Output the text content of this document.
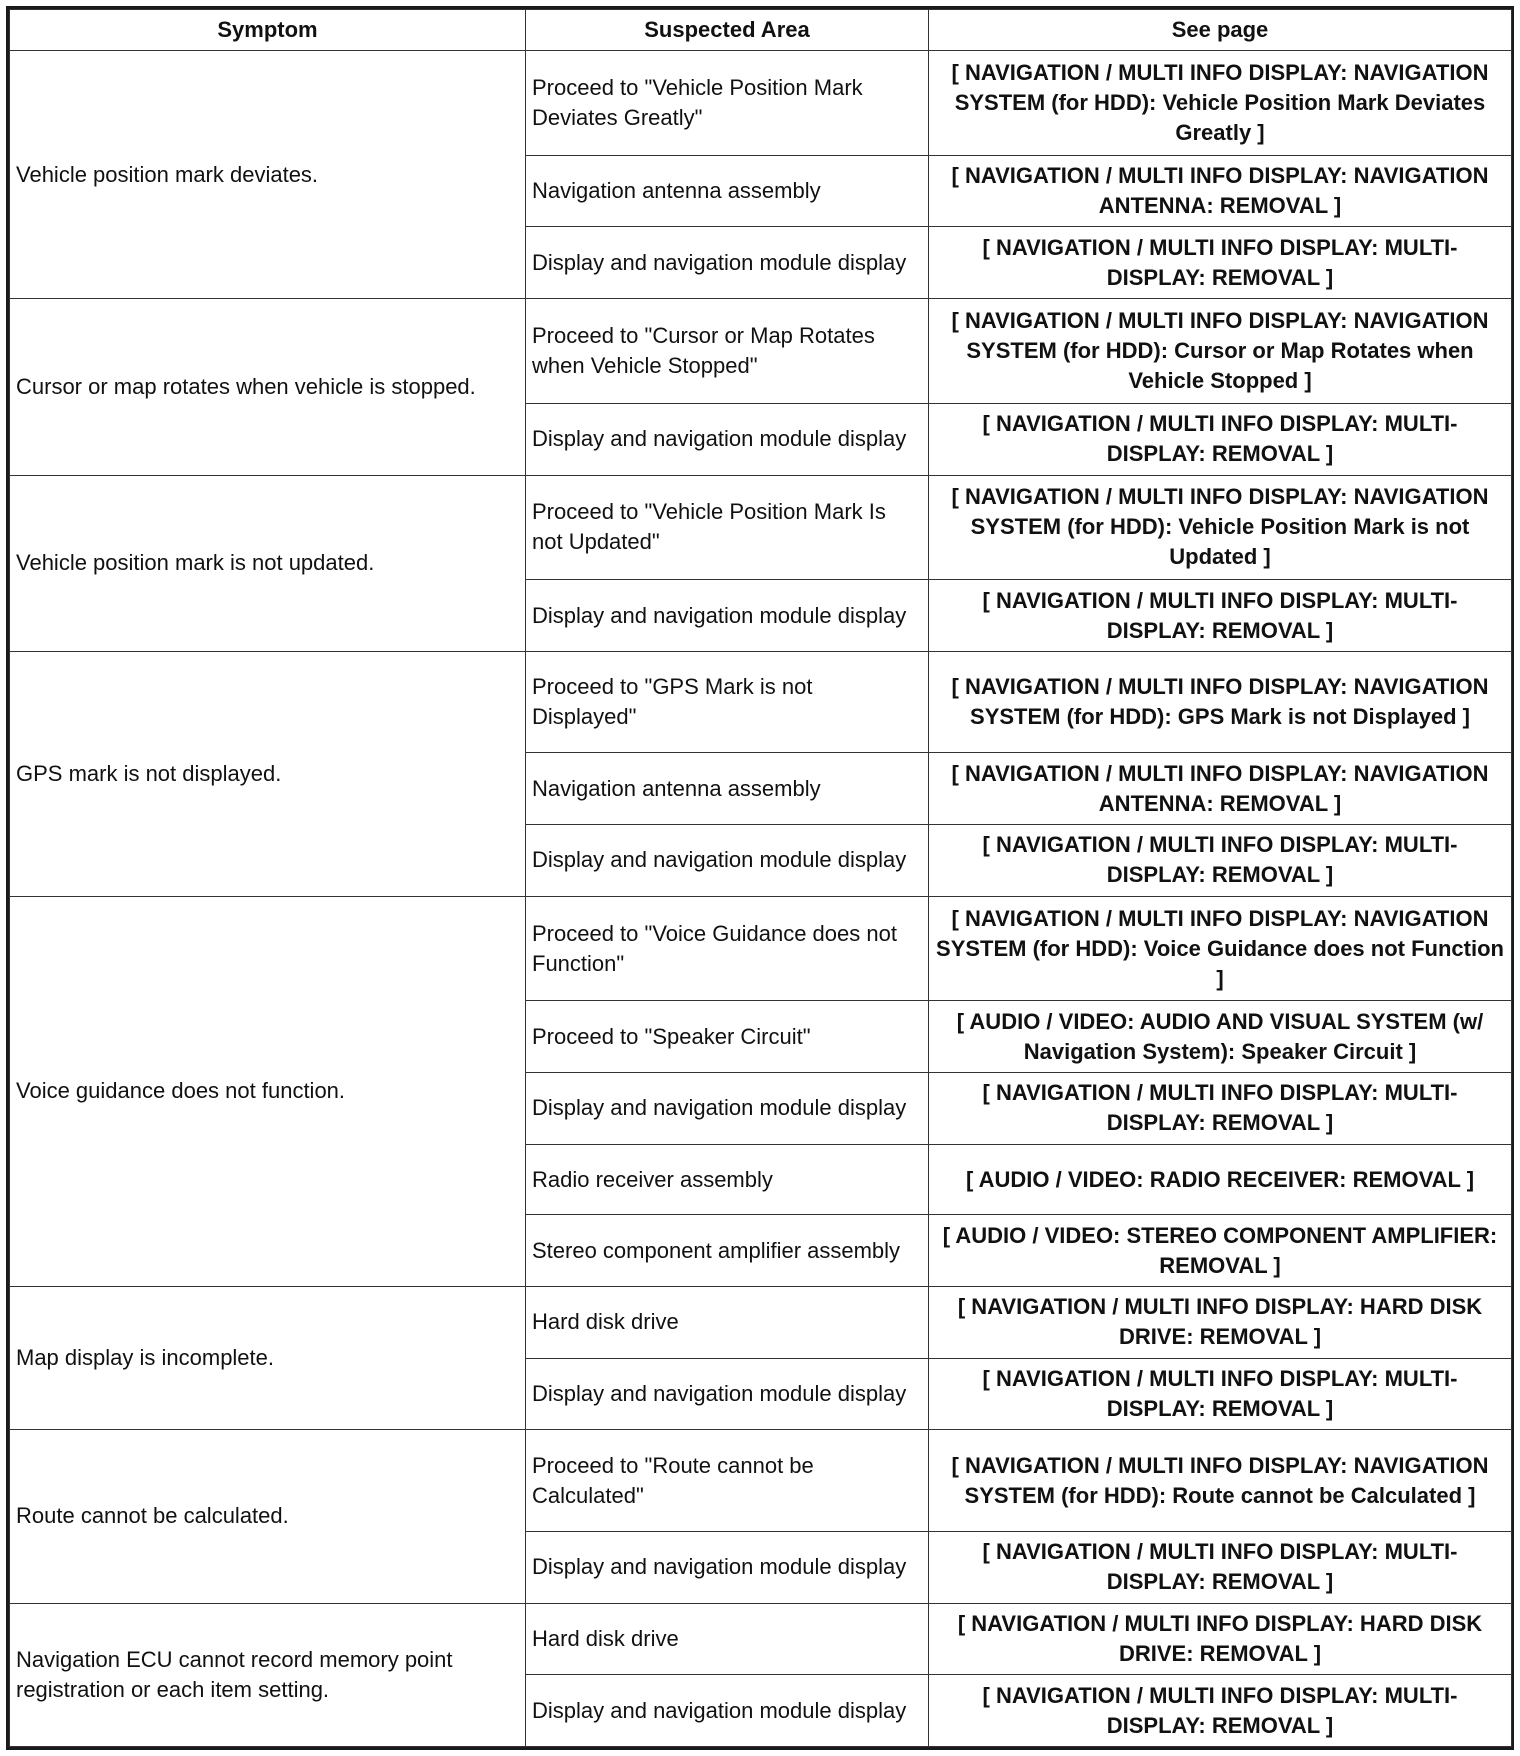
Symptom	Suspected Area	See page
Vehicle position mark deviates.	Proceed to "Vehicle Position Mark Deviates Greatly"	[ NAVIGATION / MULTI INFO DISPLAY: NAVIGATION SYSTEM (for HDD): Vehicle Position Mark Deviates Greatly ]
	Navigation antenna assembly	[ NAVIGATION / MULTI INFO DISPLAY: NAVIGATION ANTENNA: REMOVAL ]
	Display and navigation module display	[ NAVIGATION / MULTI INFO DISPLAY: MULTI-DISPLAY: REMOVAL ]
Cursor or map rotates when vehicle is stopped.	Proceed to "Cursor or Map Rotates when Vehicle Stopped"	[ NAVIGATION / MULTI INFO DISPLAY: NAVIGATION SYSTEM (for HDD): Cursor or Map Rotates when Vehicle Stopped ]
	Display and navigation module display	[ NAVIGATION / MULTI INFO DISPLAY: MULTI-DISPLAY: REMOVAL ]
Vehicle position mark is not updated.	Proceed to "Vehicle Position Mark Is not Updated"	[ NAVIGATION / MULTI INFO DISPLAY: NAVIGATION SYSTEM (for HDD): Vehicle Position Mark is not Updated ]
	Display and navigation module display	[ NAVIGATION / MULTI INFO DISPLAY: MULTI-DISPLAY: REMOVAL ]
GPS mark is not displayed.	Proceed to "GPS Mark is not Displayed"	[ NAVIGATION / MULTI INFO DISPLAY: NAVIGATION SYSTEM (for HDD): GPS Mark is not Displayed ]
	Navigation antenna assembly	[ NAVIGATION / MULTI INFO DISPLAY: NAVIGATION ANTENNA: REMOVAL ]
	Display and navigation module display	[ NAVIGATION / MULTI INFO DISPLAY: MULTI-DISPLAY: REMOVAL ]
Voice guidance does not function.	Proceed to "Voice Guidance does not Function"	[ NAVIGATION / MULTI INFO DISPLAY: NAVIGATION SYSTEM (for HDD): Voice Guidance does not Function ]
	Proceed to "Speaker Circuit"	[ AUDIO / VIDEO: AUDIO AND VISUAL SYSTEM (w/ Navigation System): Speaker Circuit ]
	Display and navigation module display	[ NAVIGATION / MULTI INFO DISPLAY: MULTI-DISPLAY: REMOVAL ]
	Radio receiver assembly	[ AUDIO / VIDEO: RADIO RECEIVER: REMOVAL ]
	Stereo component amplifier assembly	[ AUDIO / VIDEO: STEREO COMPONENT AMPLIFIER: REMOVAL ]
Map display is incomplete.	Hard disk drive	[ NAVIGATION / MULTI INFO DISPLAY: HARD DISK DRIVE: REMOVAL ]
	Display and navigation module display	[ NAVIGATION / MULTI INFO DISPLAY: MULTI-DISPLAY: REMOVAL ]
Route cannot be calculated.	Proceed to "Route cannot be Calculated"	[ NAVIGATION / MULTI INFO DISPLAY: NAVIGATION SYSTEM (for HDD): Route cannot be Calculated ]
	Display and navigation module display	[ NAVIGATION / MULTI INFO DISPLAY: MULTI-DISPLAY: REMOVAL ]
Navigation ECU cannot record memory point registration or each item setting.	Hard disk drive	[ NAVIGATION / MULTI INFO DISPLAY: HARD DISK DRIVE: REMOVAL ]
	Display and navigation module display	[ NAVIGATION / MULTI INFO DISPLAY: MULTI-DISPLAY: REMOVAL ]
